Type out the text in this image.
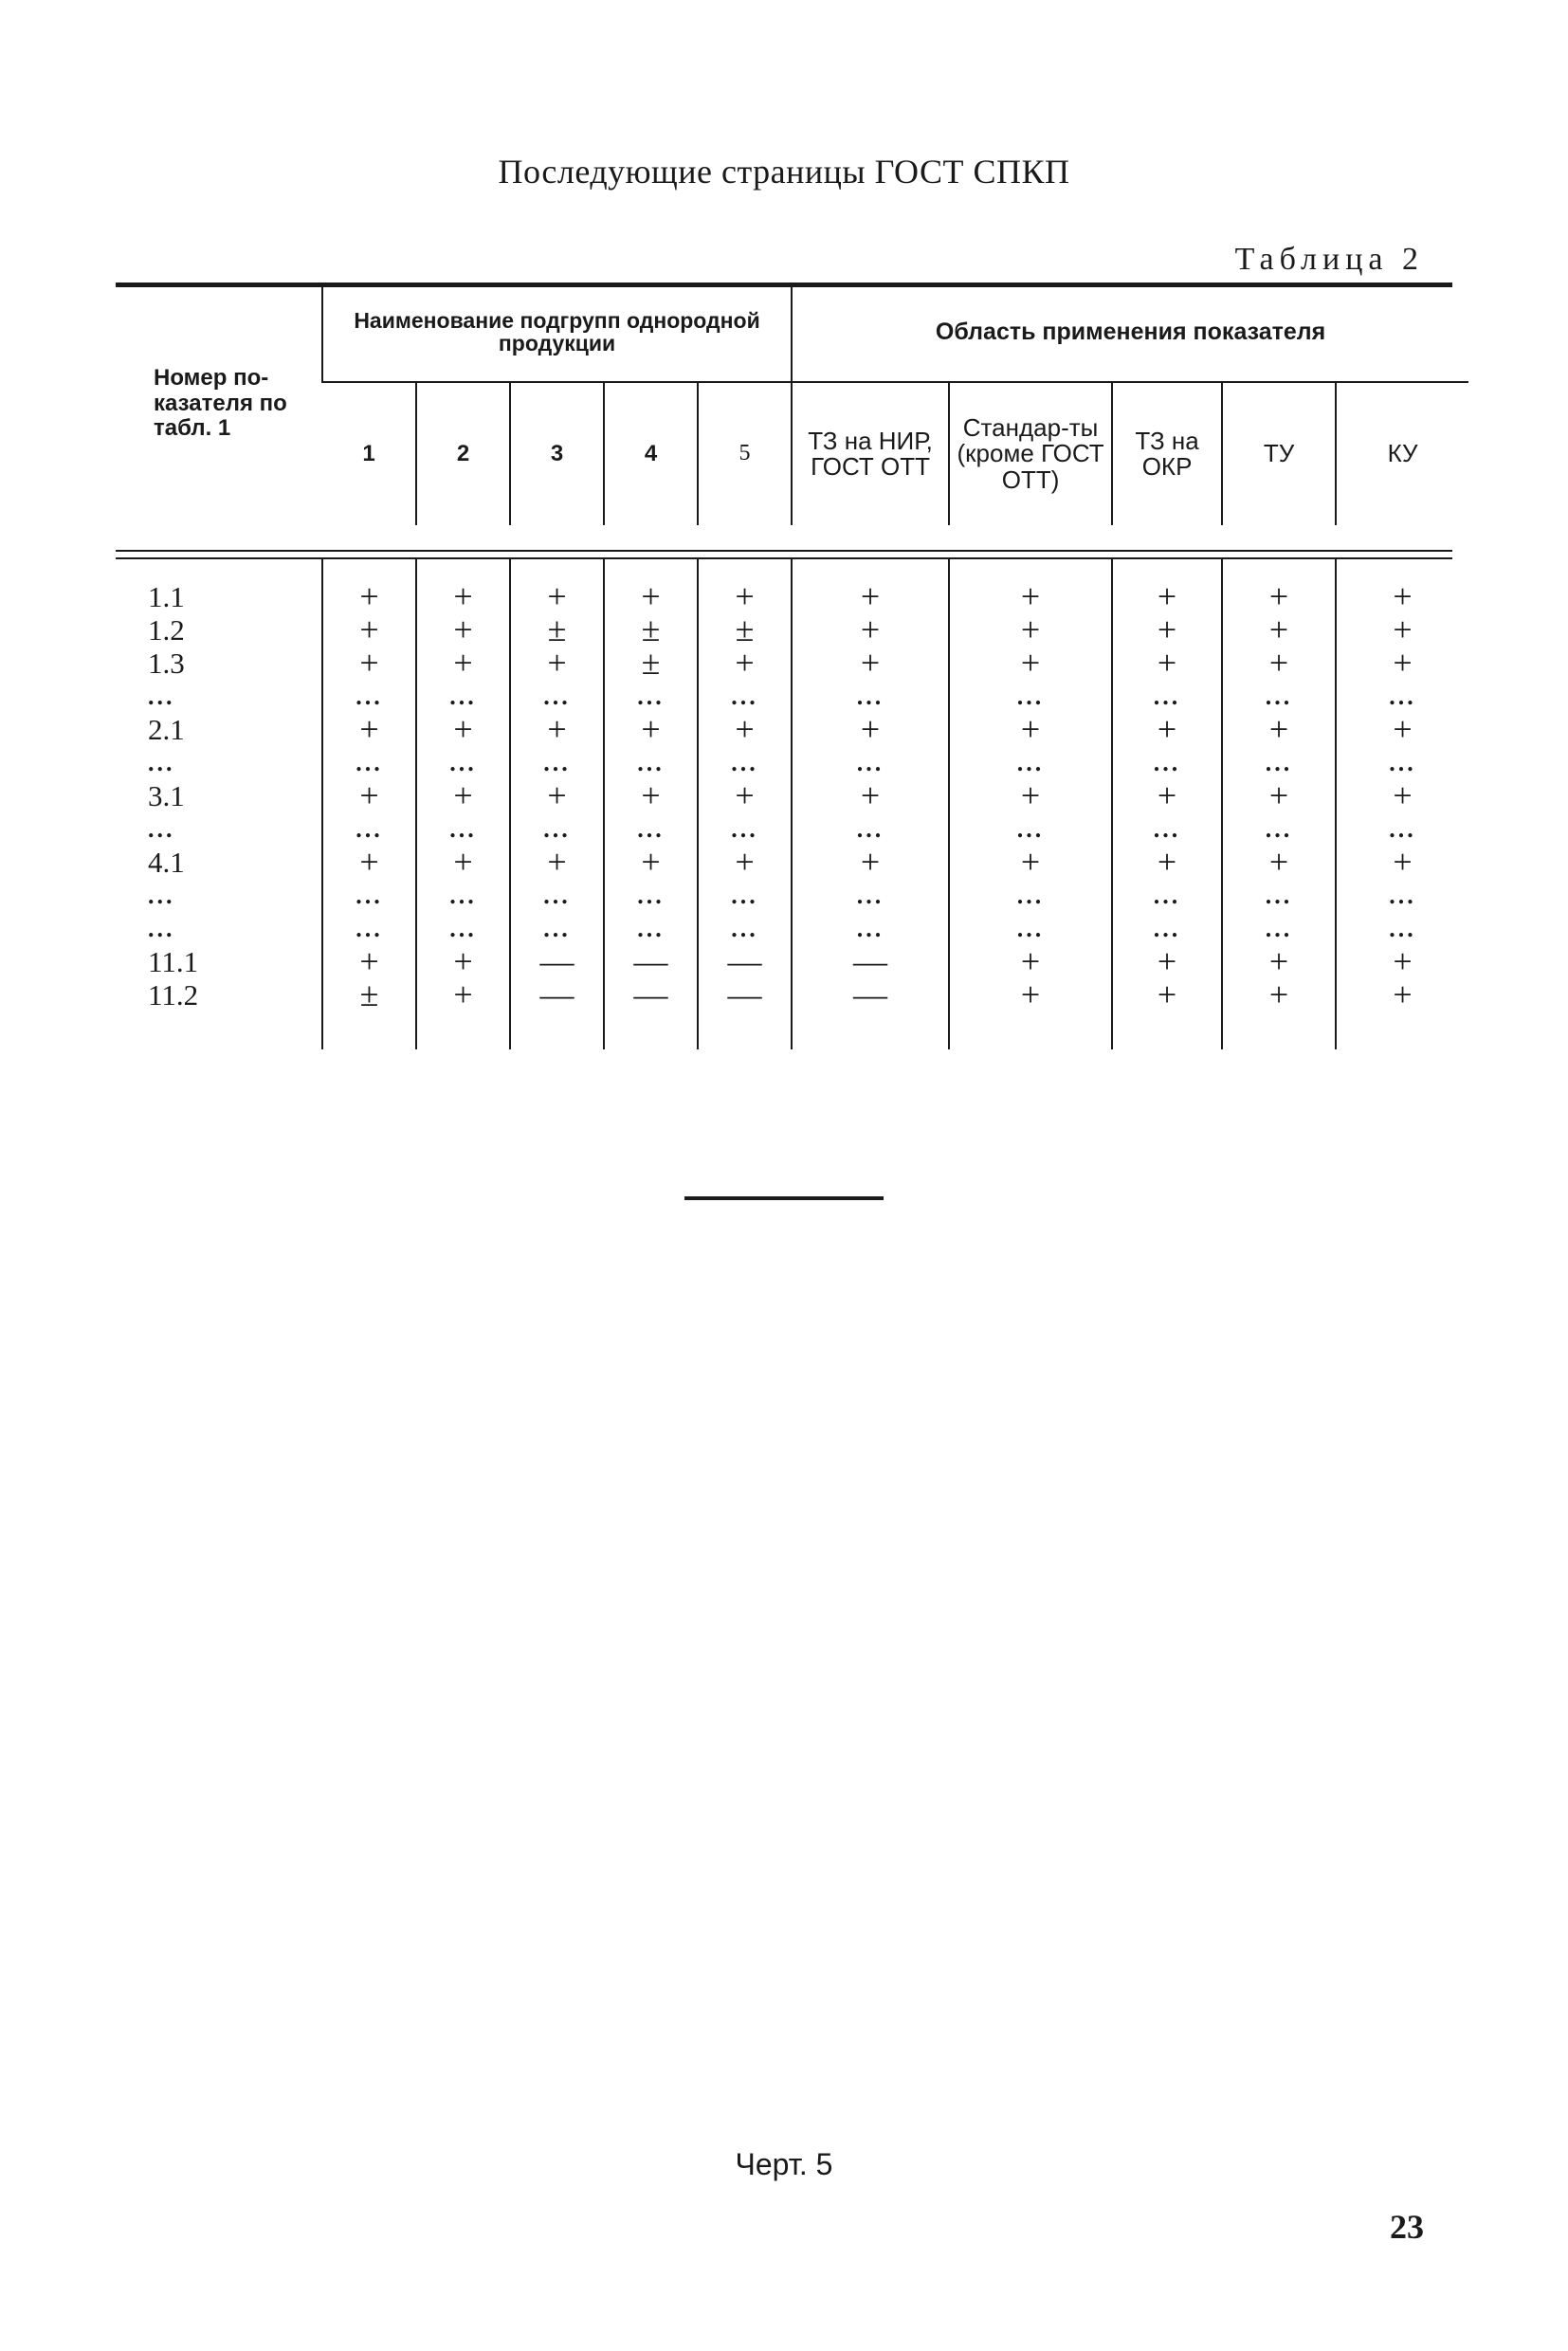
Последующие страницы ГОСТ СПКП
Таблица 2
Номер по-казателя по табл. 1	Наименование подгрупп однородной продукции					Область применения показателя				
	1	2	3	4	5	ТЗ на НИР, ГОСТ ОТТ	Стандар-ты (кроме ГОСТ ОТТ)	ТЗ на ОКР	ТУ	КУ
1.1	+	+	+	+	+	+	+	+	+	+
1.2	+	+	±	±	±	+	+	+	+	+
1.3	+	+	+	±	+	+	+	+	+	+
...	...	...	...	...	...	...	...	...	...	...
2.1	+	+	+	+	+	+	+	+	+	+
...	...	...	...	...	...	...	...	...	...	...
3.1	+	+	+	+	+	+	+	+	+	+
...	...	...	...	...	...	...	...	...	...	...
4.1	+	+	+	+	+	+	+	+	+	+
...	...	...	...	...	...	...	...	...	...	...
...	...	...	...	...	...	...	...	...	...	...
11.1	+	+	—	—	—	—	+	+	+	+
11.2	±	+	—	—	—	—	+	+	+	+
Черт. 5
23
